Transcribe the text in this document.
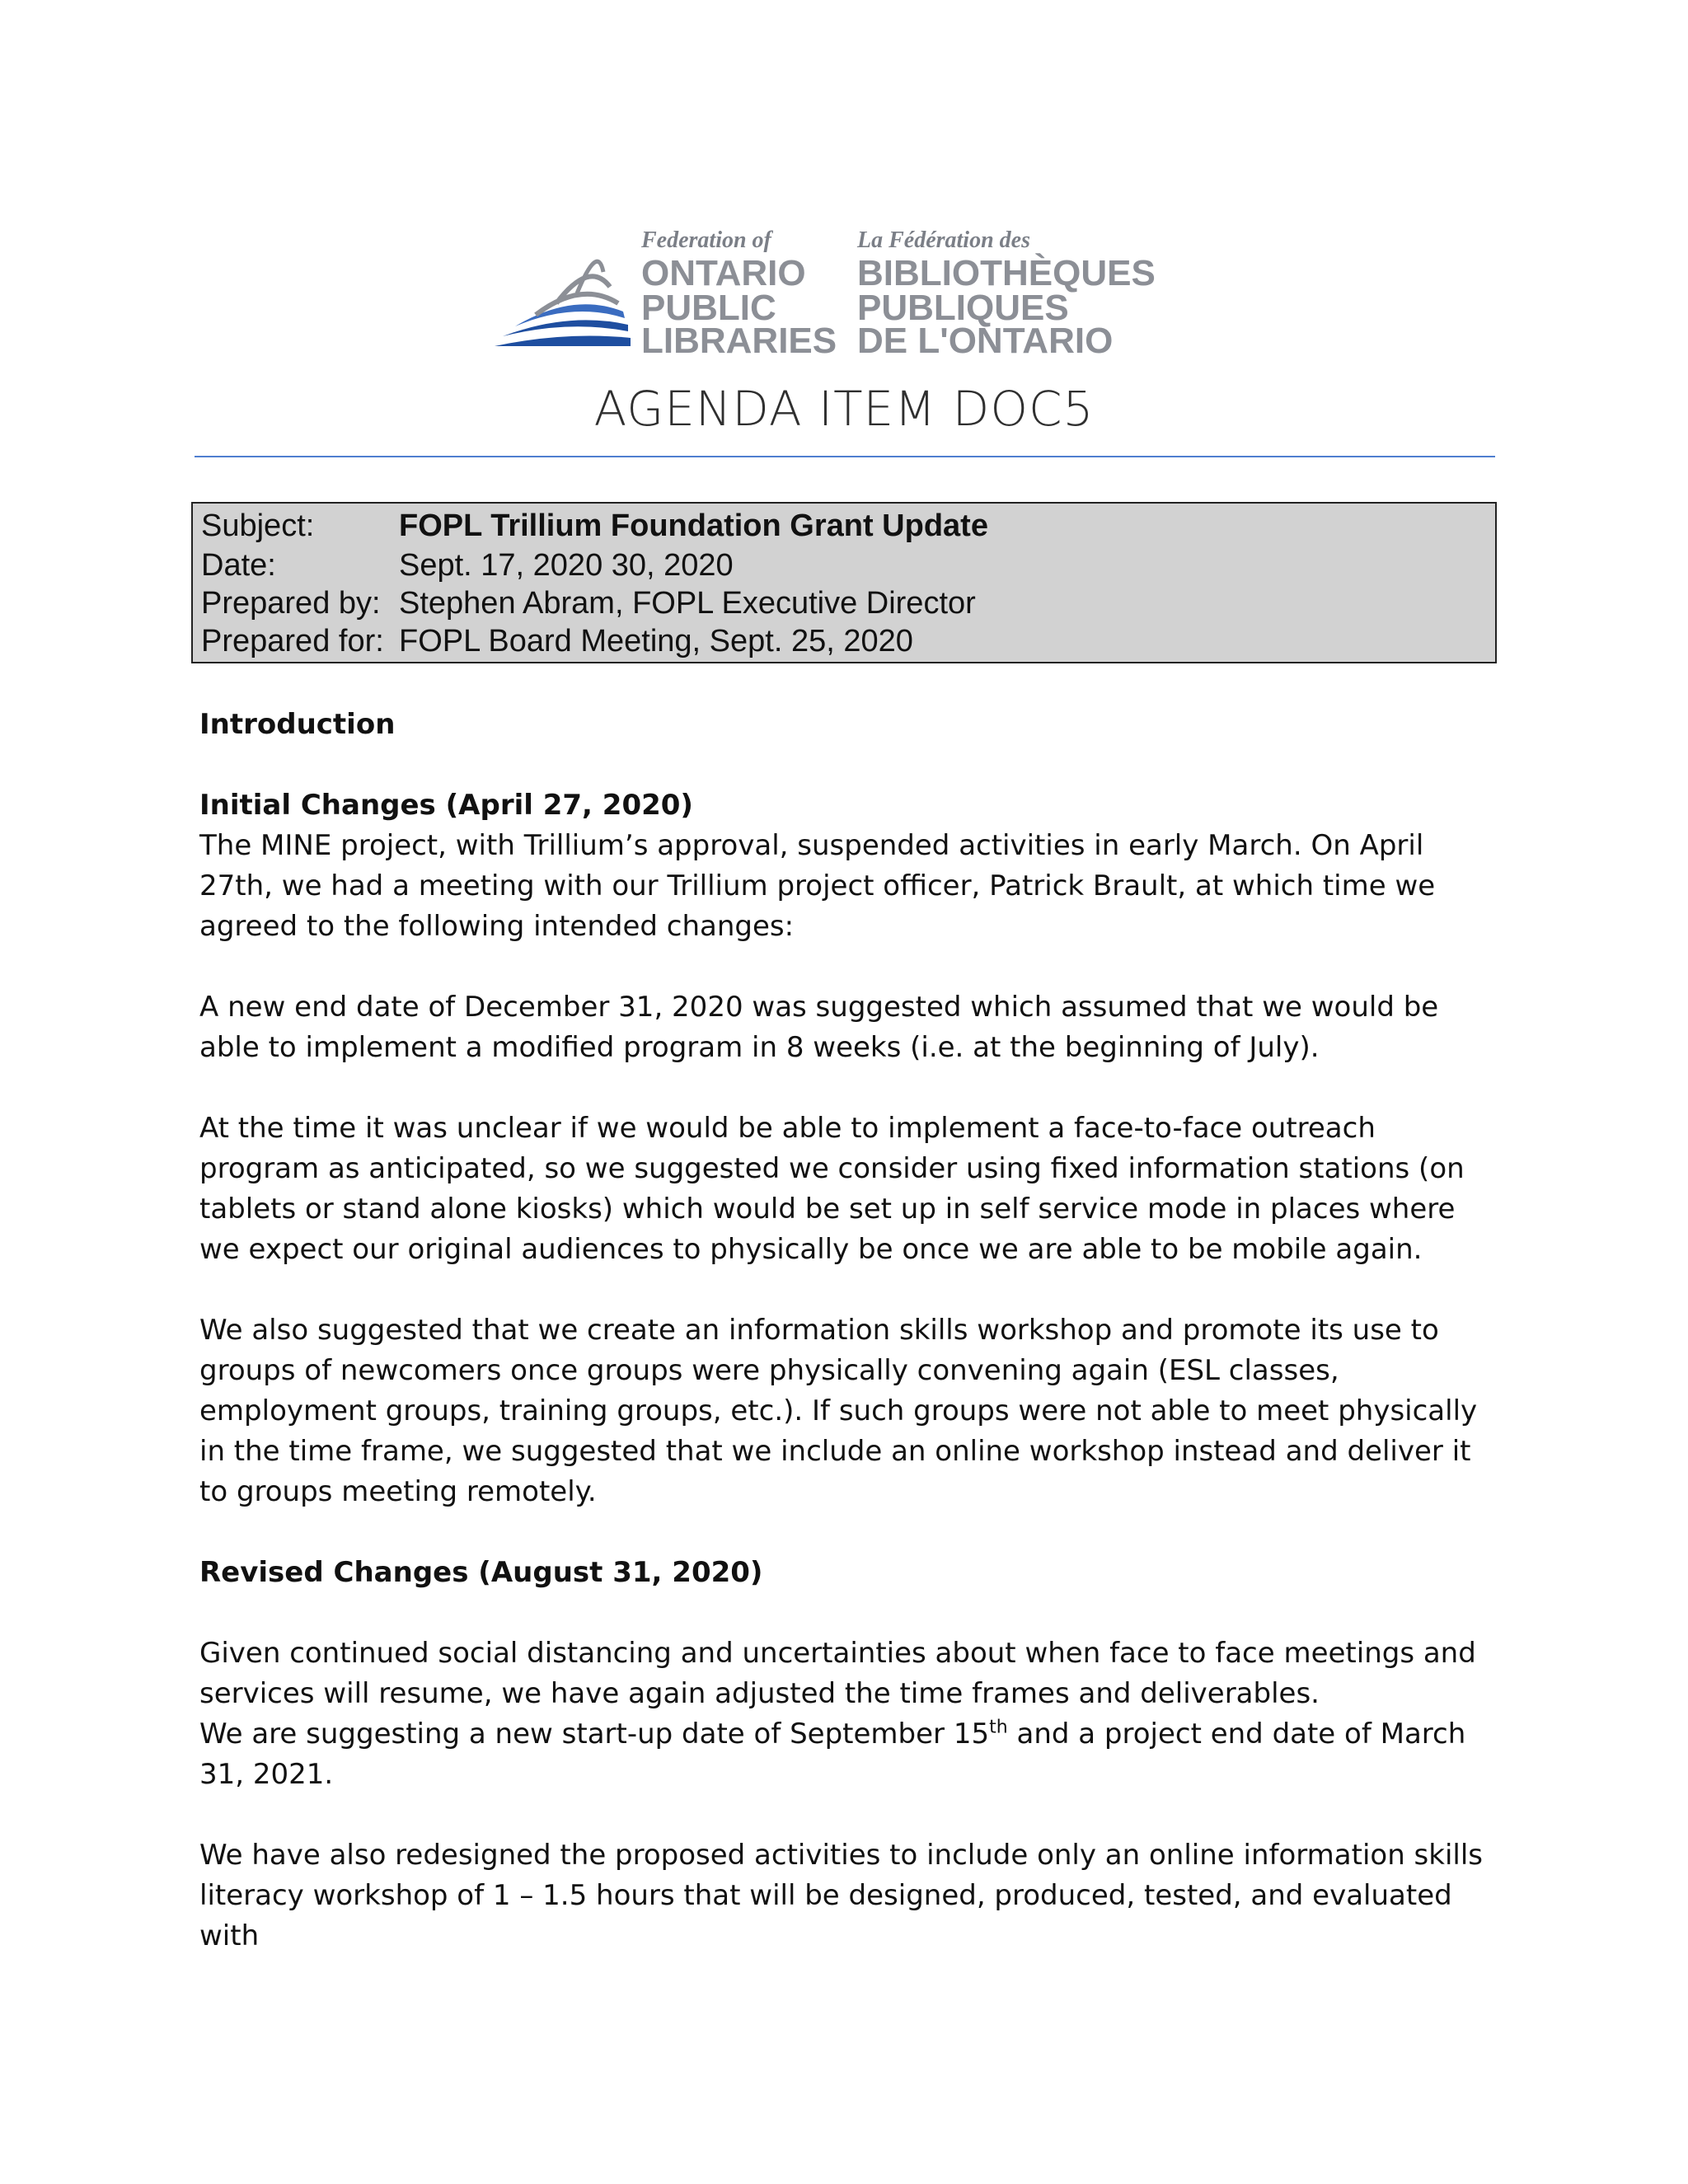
Federation of
ONTARIO
PUBLIC
LIBRARIES
La Fédération des
BIBLIOTHÈQUES
PUBLIQUES
DE L'ONTARIO
AGENDA ITEM DOC5
Subject:	FOPL Trillium Foundation Grant Update
Date:	Sept. 17, 2020 30, 2020
Prepared by: Stephen Abram, FOPL Executive Director
Prepared for: FOPL Board Meeting, Sept. 25, 2020
Introduction
Initial Changes (April 27, 2020)

The MINE project, with Trillium’s approval, suspended activities in early March. On April 27th, we had a meeting with our Trillium project officer, Patrick Brault, at which time we agreed to the following intended changes:

A new end date of December 31, 2020 was suggested which assumed that we would be able to implement a modified program in 8 weeks (i.e. at the beginning of July).

At the time it was unclear if we would be able to implement a face-to-face outreach program as anticipated, so we suggested we consider using fixed information stations (on tablets or stand alone kiosks) which would be set up in self service mode in places where we expect our original audiences to physically be once we are able to be mobile again.

We also suggested that we create an information skills workshop and promote its use to groups of newcomers once groups were physically convening again (ESL classes, employment groups, training groups, etc.). If such groups were not able to meet physically in the time frame, we suggested that we include an online workshop instead and deliver it to groups meeting remotely.

Revised Changes (August 31, 2020)

Given continued social distancing and uncertainties about when face to face meetings and services will resume, we have again adjusted the time frames and deliverables.

We are suggesting a new start-up date of September 15th and a project end date of March 31, 2021.

We have also redesigned the proposed activities to include only an online information skills literacy workshop of 1 – 1.5 hours that will be designed, produced, tested, and evaluated with
